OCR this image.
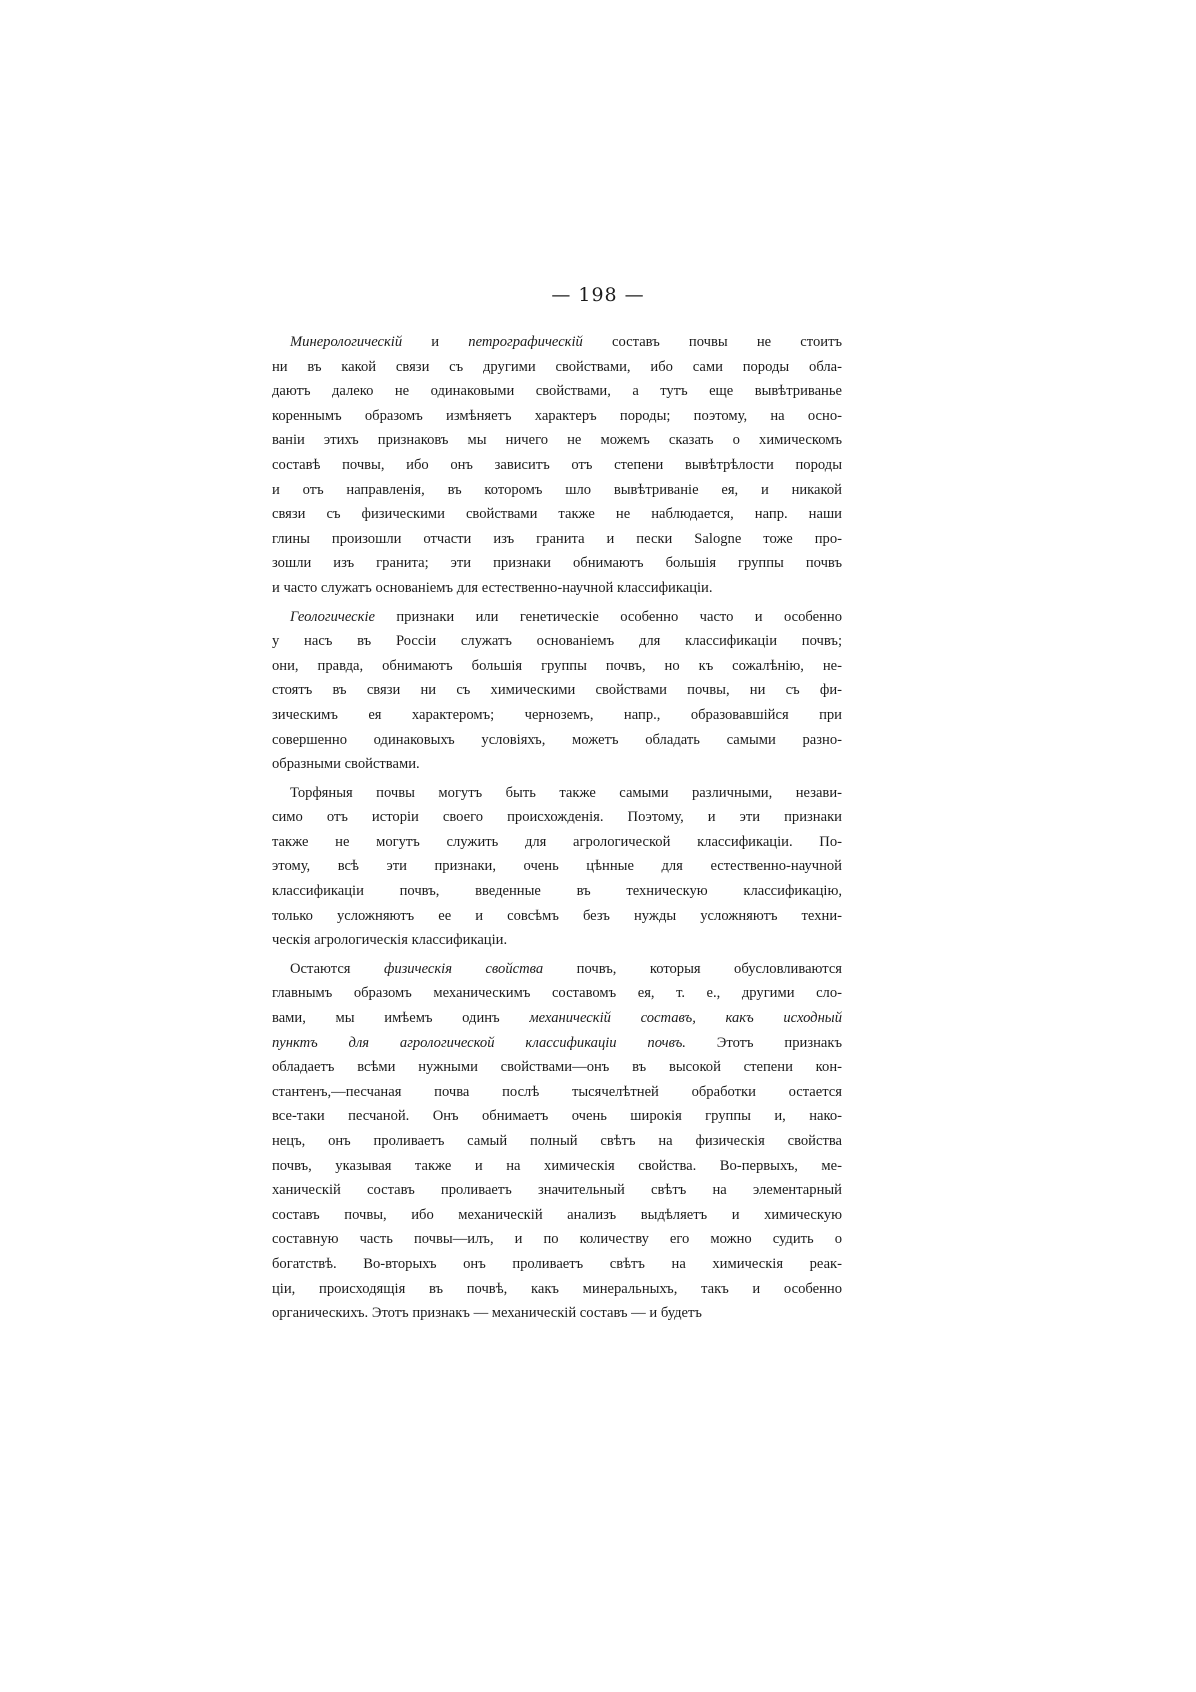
— 198 —
Минерологическій и петрографическій составъ почвы не стоитъ
ни въ какой связи съ другими свойствами, ибо сами породы обла-
даютъ далеко не одинаковыми свойствами, а тутъ еще вывѣтриванье
кореннымъ образомъ измѣняетъ характеръ породы; поэтому, на осно-
ваніи этихъ признаковъ мы ничего не можемъ сказать о химическомъ
составѣ почвы, ибо онъ зависитъ отъ степени вывѣтрѣлости породы
и отъ направленія, въ которомъ шло вывѣтриваніе ея, и никакой
связи съ физическими свойствами также не наблюдается, напр. наши
глины произошли отчасти изъ гранита и пески Salogne тоже про-
зошли изъ гранита; эти признаки обнимаютъ большія группы почвъ
и часто служатъ основаніемъ для естественно-научной классификаціи.
Геологическіе признаки или генетическіе особенно часто и особенно
у насъ въ Россіи служатъ основаніемъ для классификаціи почвъ;
они, правда, обнимаютъ большія группы почвъ, но къ сожалѣнію, не-
стоятъ въ связи ни съ химическими свойствами почвы, ни съ фи-
зическимъ ея характеромъ; черноземъ, напр., образовавшійся при
совершенно одинаковыхъ условіяхъ, можетъ обладать самыми разно-
образными свойствами.
Торфяныя почвы могутъ быть также самыми различными, незави-
симо отъ исторіи своего происхожденія. Поэтому, и эти признаки
также не могутъ служить для агрологической классификаціи. По-
этому, всѣ эти признаки, очень цѣнные для естественно-научной
классификаціи почвъ, введенные въ техническую классификацію,
только усложняютъ ее и совсѣмъ безъ нужды усложняютъ техни-
ческія агрологическія классификаціи.
Остаются физическія свойства почвъ, которыя обусловливаются
главнымъ образомъ механическимъ составомъ ея, т. е., другими сло-
вами, мы имѣемъ одинъ механическій составъ, какъ исходный
пунктъ для агрологической классификаціи почвъ. Этотъ признакъ
обладаетъ всѣми нужными свойствами—онъ въ высокой степени кон-
стантенъ,—песчаная почва послѣ тысячелѣтней обработки остается
все-таки песчаной. Онъ обнимаетъ очень широкія группы и, нако-
нецъ, онъ проливаетъ самый полный свѣтъ на физическія свойства
почвъ, указывая также и на химическія свойства. Во-первыхъ, ме-
ханическій составъ проливаетъ значительный свѣтъ на элементарный
составъ почвы, ибо механическій анализъ выдѣляетъ и химическую
составную часть почвы—илъ, и по количеству его можно судить о
богатствѣ. Во-вторыхъ онъ проливаетъ свѣтъ на химическія реак-
ціи, происходящія въ почвѣ, какъ минеральныхъ, такъ и особенно
органическихъ. Этотъ признакъ — механическій составъ — и будетъ
